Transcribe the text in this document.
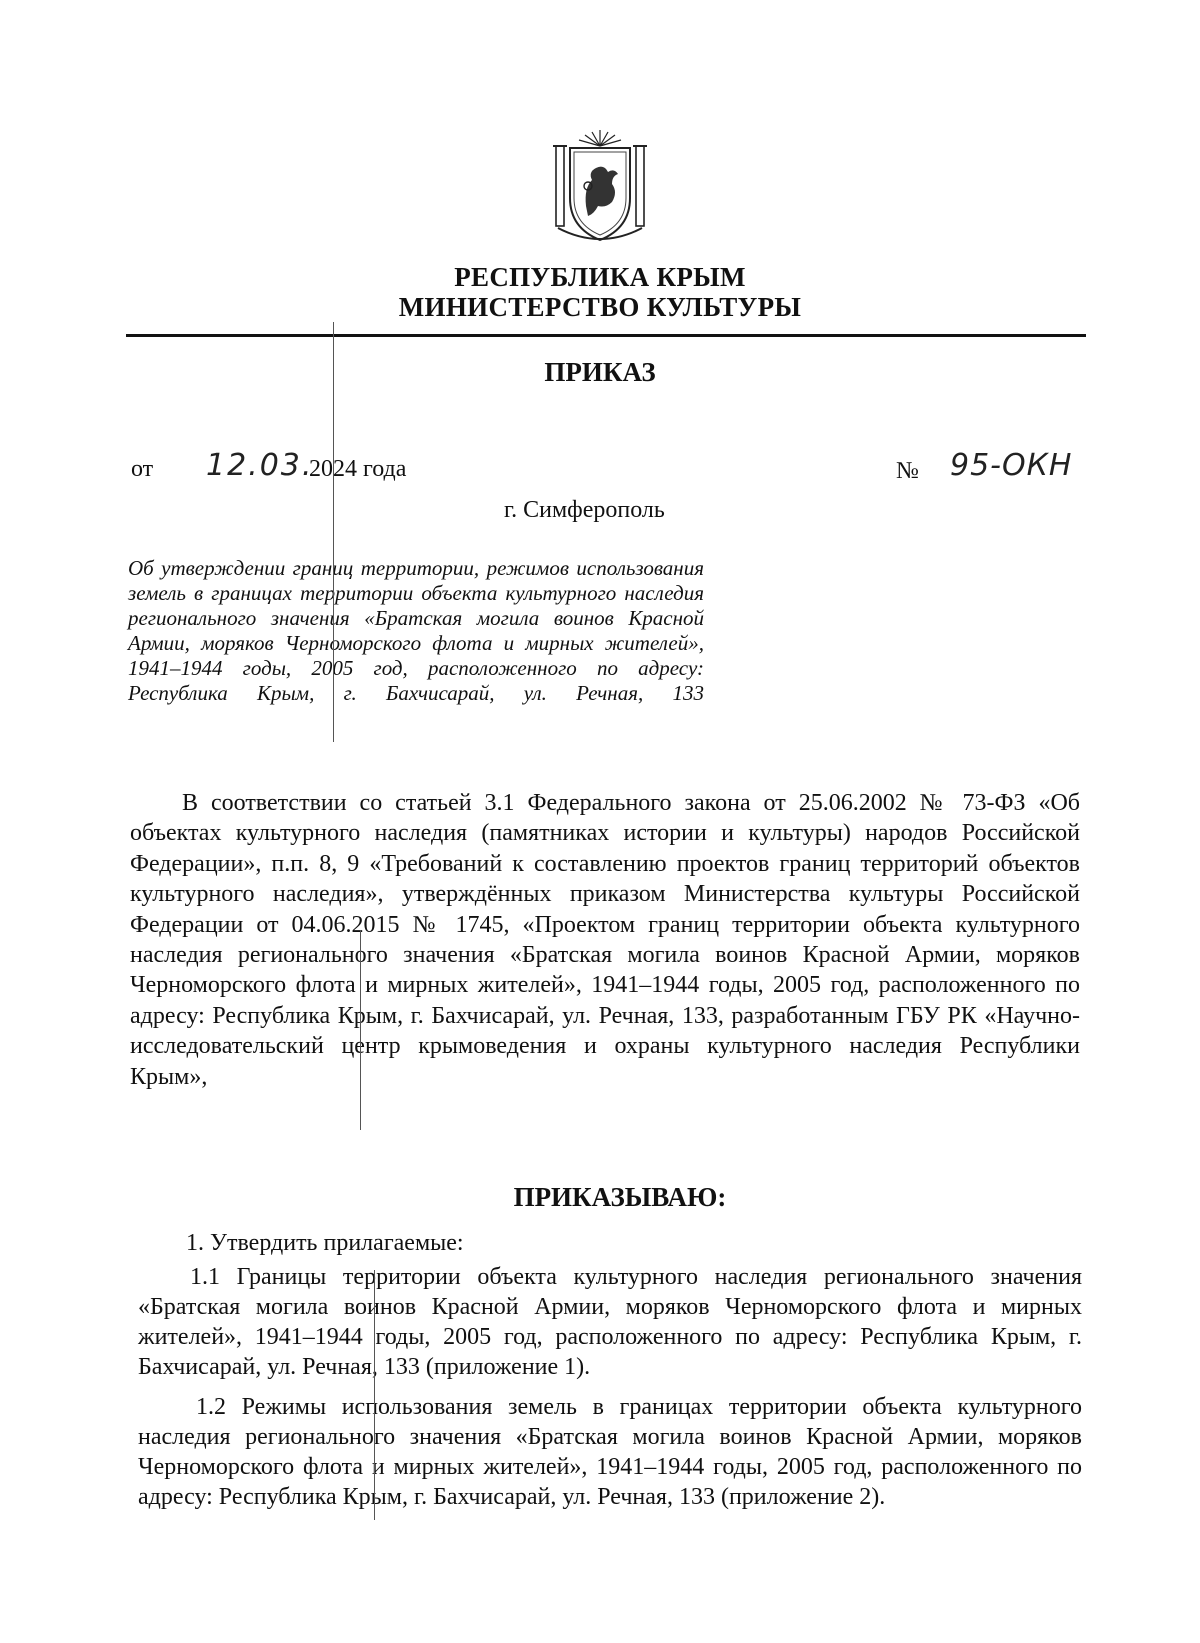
РЕСПУБЛИКА КРЫМ
МИНИСТЕРСТВО КУЛЬТУРЫ
ПРИКАЗ
от 12.03.
2024 года	№ 95-ОКН
г. Симферополь
Об утверждении границ территории, режимов использования земель в границах территории объекта культурного наследия регионального значения «Братская могила воинов Красной Армии, моряков Черноморского флота и мирных жителей», 1941–1944 годы, 2005 год, расположенного по адресу: Республика Крым, г. Бахчисарай, ул. Речная, 133
В соответствии со статьей 3.1 Федерального закона от 25.06.2002 № 73-ФЗ «Об объектах культурного наследия (памятниках истории и культуры) народов Российской Федерации», п.п. 8, 9 «Требований к составлению проектов границ территорий объектов культурного наследия», утверждённых приказом Министерства культуры Российской Федерации от 04.06.2015 № 1745, «Проектом границ территории объекта культурного наследия регионального значения «Братская могила воинов Красной Армии, моряков Черноморского флота и мирных жителей», 1941–1944 годы, 2005 год, расположенного по адресу: Республика Крым, г. Бахчисарай, ул. Речная, 133, разработанным ГБУ РК «Научно-исследовательский центр крымоведения и охраны культурного наследия Республики Крым»,
ПРИКАЗЫВАЮ:
1. Утвердить прилагаемые:
1.1 Границы территории объекта культурного наследия регионального значения «Братская могила воинов Красной Армии, моряков Черноморского флота и мирных жителей», 1941–1944 годы, 2005 год, расположенного по адресу: Республика Крым, г. Бахчисарай, ул. Речная, 133 (приложение 1).
1.2 Режимы использования земель в границах территории объекта культурного наследия регионального значения «Братская могила воинов Красной Армии, моряков Черноморского флота и мирных жителей», 1941–1944 годы, 2005 год, расположенного по адресу: Республика Крым, г. Бахчисарай, ул. Речная, 133 (приложение 2).
